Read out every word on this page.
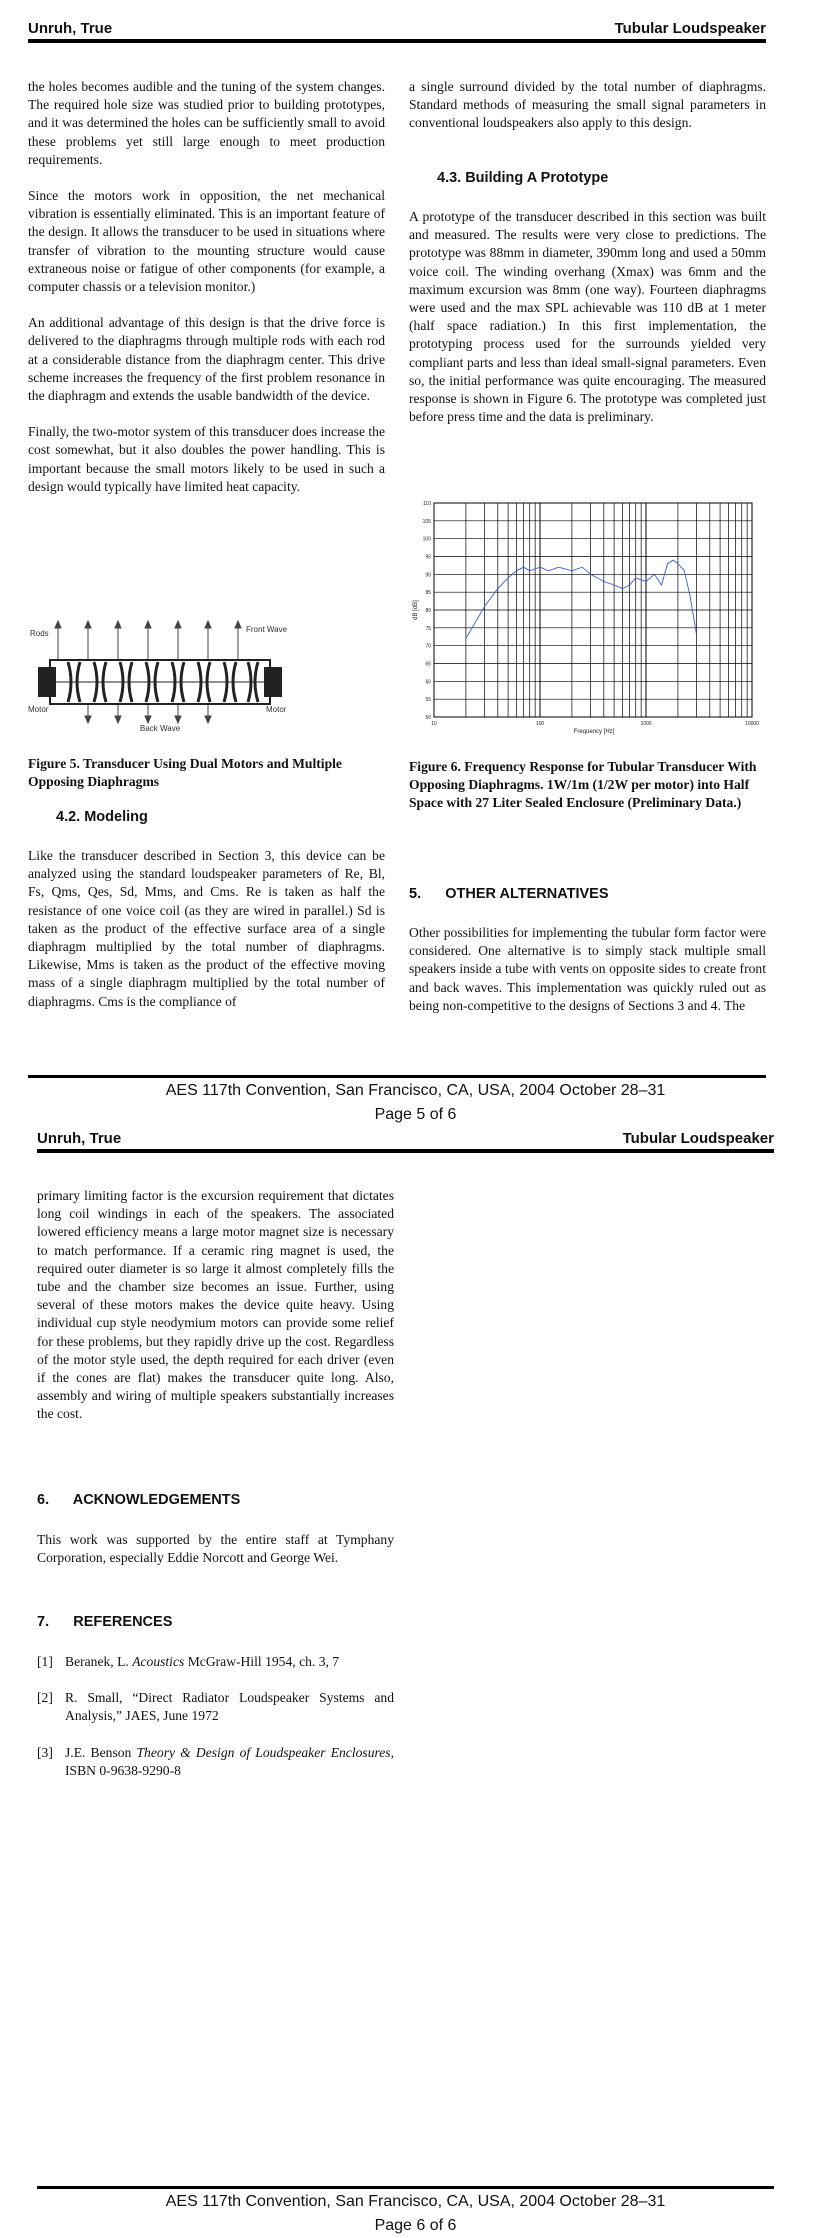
Unruh, True	Tubular Loudspeaker

the holes becomes audible and the tuning of the system changes. The required hole size was studied prior to building prototypes, and it was determined the holes can be sufficiently small to avoid these problems yet still large enough to meet production requirements.

Since the motors work in opposition, the net mechanical vibration is essentially eliminated. This is an important feature of the design. It allows the transducer to be used in situations where transfer of vibration to the mounting structure would cause extraneous noise or fatigue of other components (for example, a computer chassis or a television monitor.)

An additional advantage of this design is that the drive force is delivered to the diaphragms through multiple rods with each rod at a considerable distance from the diaphragm center. This drive scheme increases the frequency of the first problem resonance in the diaphragm and extends the usable bandwidth of the device.

Finally, the two-motor system of this transducer does increase the cost somewhat, but it also doubles the power handling. This is important because the small motors likely to be used in such a design would typically have limited heat capacity.

Rods	Front Wave
Motor	Motor
Back Wave
Figure 5. Transducer Using Dual Motors and Multiple Opposing Diaphragms
4.2. Modeling
Like the transducer described in Section 3, this device can be analyzed using the standard loudspeaker parameters of Re, Bl, Fs, Qms, Qes, Sd, Mms, and Cms. Re is taken as half the resistance of one voice coil (as they are wired in parallel.) Sd is taken as the product of the effective surface area of a single diaphragm multiplied by the total number of diaphragms. Likewise, Mms is taken as the product of the effective moving mass of a single diaphragm multiplied by the total number of diaphragms. Cms is the compliance of
a single surround divided by the total number of diaphragms. Standard methods of measuring the small signal parameters in conventional loudspeakers also apply to this design.
4.3. Building A Prototype
A prototype of the transducer described in this section was built and measured. The results were very close to predictions. The prototype was 88mm in diameter, 390mm long and used a 50mm voice coil. The winding overhang (Xmax) was 6mm and the maximum excursion was 8mm (one way). Fourteen diaphragms were used and the max SPL achievable was 110 dB at 1 meter (half space radiation.) In this first implementation, the prototyping process used for the surrounds yielded very compliant parts and less than ideal small-signal parameters. Even so, the initial performance was quite encouraging. The measured response is shown in Figure 6. The prototype was completed just before press time and the data is preliminary.
50
55
60
65
70
75
80
85
90
95
100
105
110
10	100	1000	10000
Frequency [Hz]
dB [dB]
Figure 6. Frequency Response for Tubular Transducer With Opposing Diaphragms. 1W/1m (1/2W per motor) into Half Space with 27 Liter Sealed Enclosure (Preliminary Data.)
5.      OTHER ALTERNATIVES
Other possibilities for implementing the tubular form factor were considered. One alternative is to simply stack multiple small speakers inside a tube with vents on opposite sides to create front and back waves. This implementation was quickly ruled out as being non-competitive to the designs of Sections 3 and 4. The
AES 117th Convention, San Francisco, CA, USA, 2004 October 28–31
Page 5 of 6
Unruh, True	Tubular Loudspeaker

primary limiting factor is the excursion requirement that dictates long coil windings in each of the speakers. The associated lowered efficiency means a large motor magnet size is necessary to match performance. If a ceramic ring magnet is used, the required outer diameter is so large it almost completely fills the tube and the chamber size becomes an issue. Further, using several of these motors makes the device quite heavy. Using individual cup style neodymium motors can provide some relief for these problems, but they rapidly drive up the cost. Regardless of the motor style used, the depth required for each driver (even if the cones are flat) makes the transducer quite long. Also, assembly and wiring of multiple speakers substantially increases the cost.

6.      ACKNOWLEDGEMENTS
This work was supported by the entire staff at Tymphany Corporation, especially Eddie Norcott and George Wei.
7.      REFERENCES
[1] Beranek, L. Acoustics McGraw-Hill 1954, ch. 3, 7
[2] R. Small, “Direct Radiator Loudspeaker Systems and Analysis,” JAES, June 1972
[3] J.E. Benson Theory & Design of Loudspeaker Enclosures, ISBN 0-9638-9290-8
AES 117th Convention, San Francisco, CA, USA, 2004 October 28–31
Page 6 of 6
